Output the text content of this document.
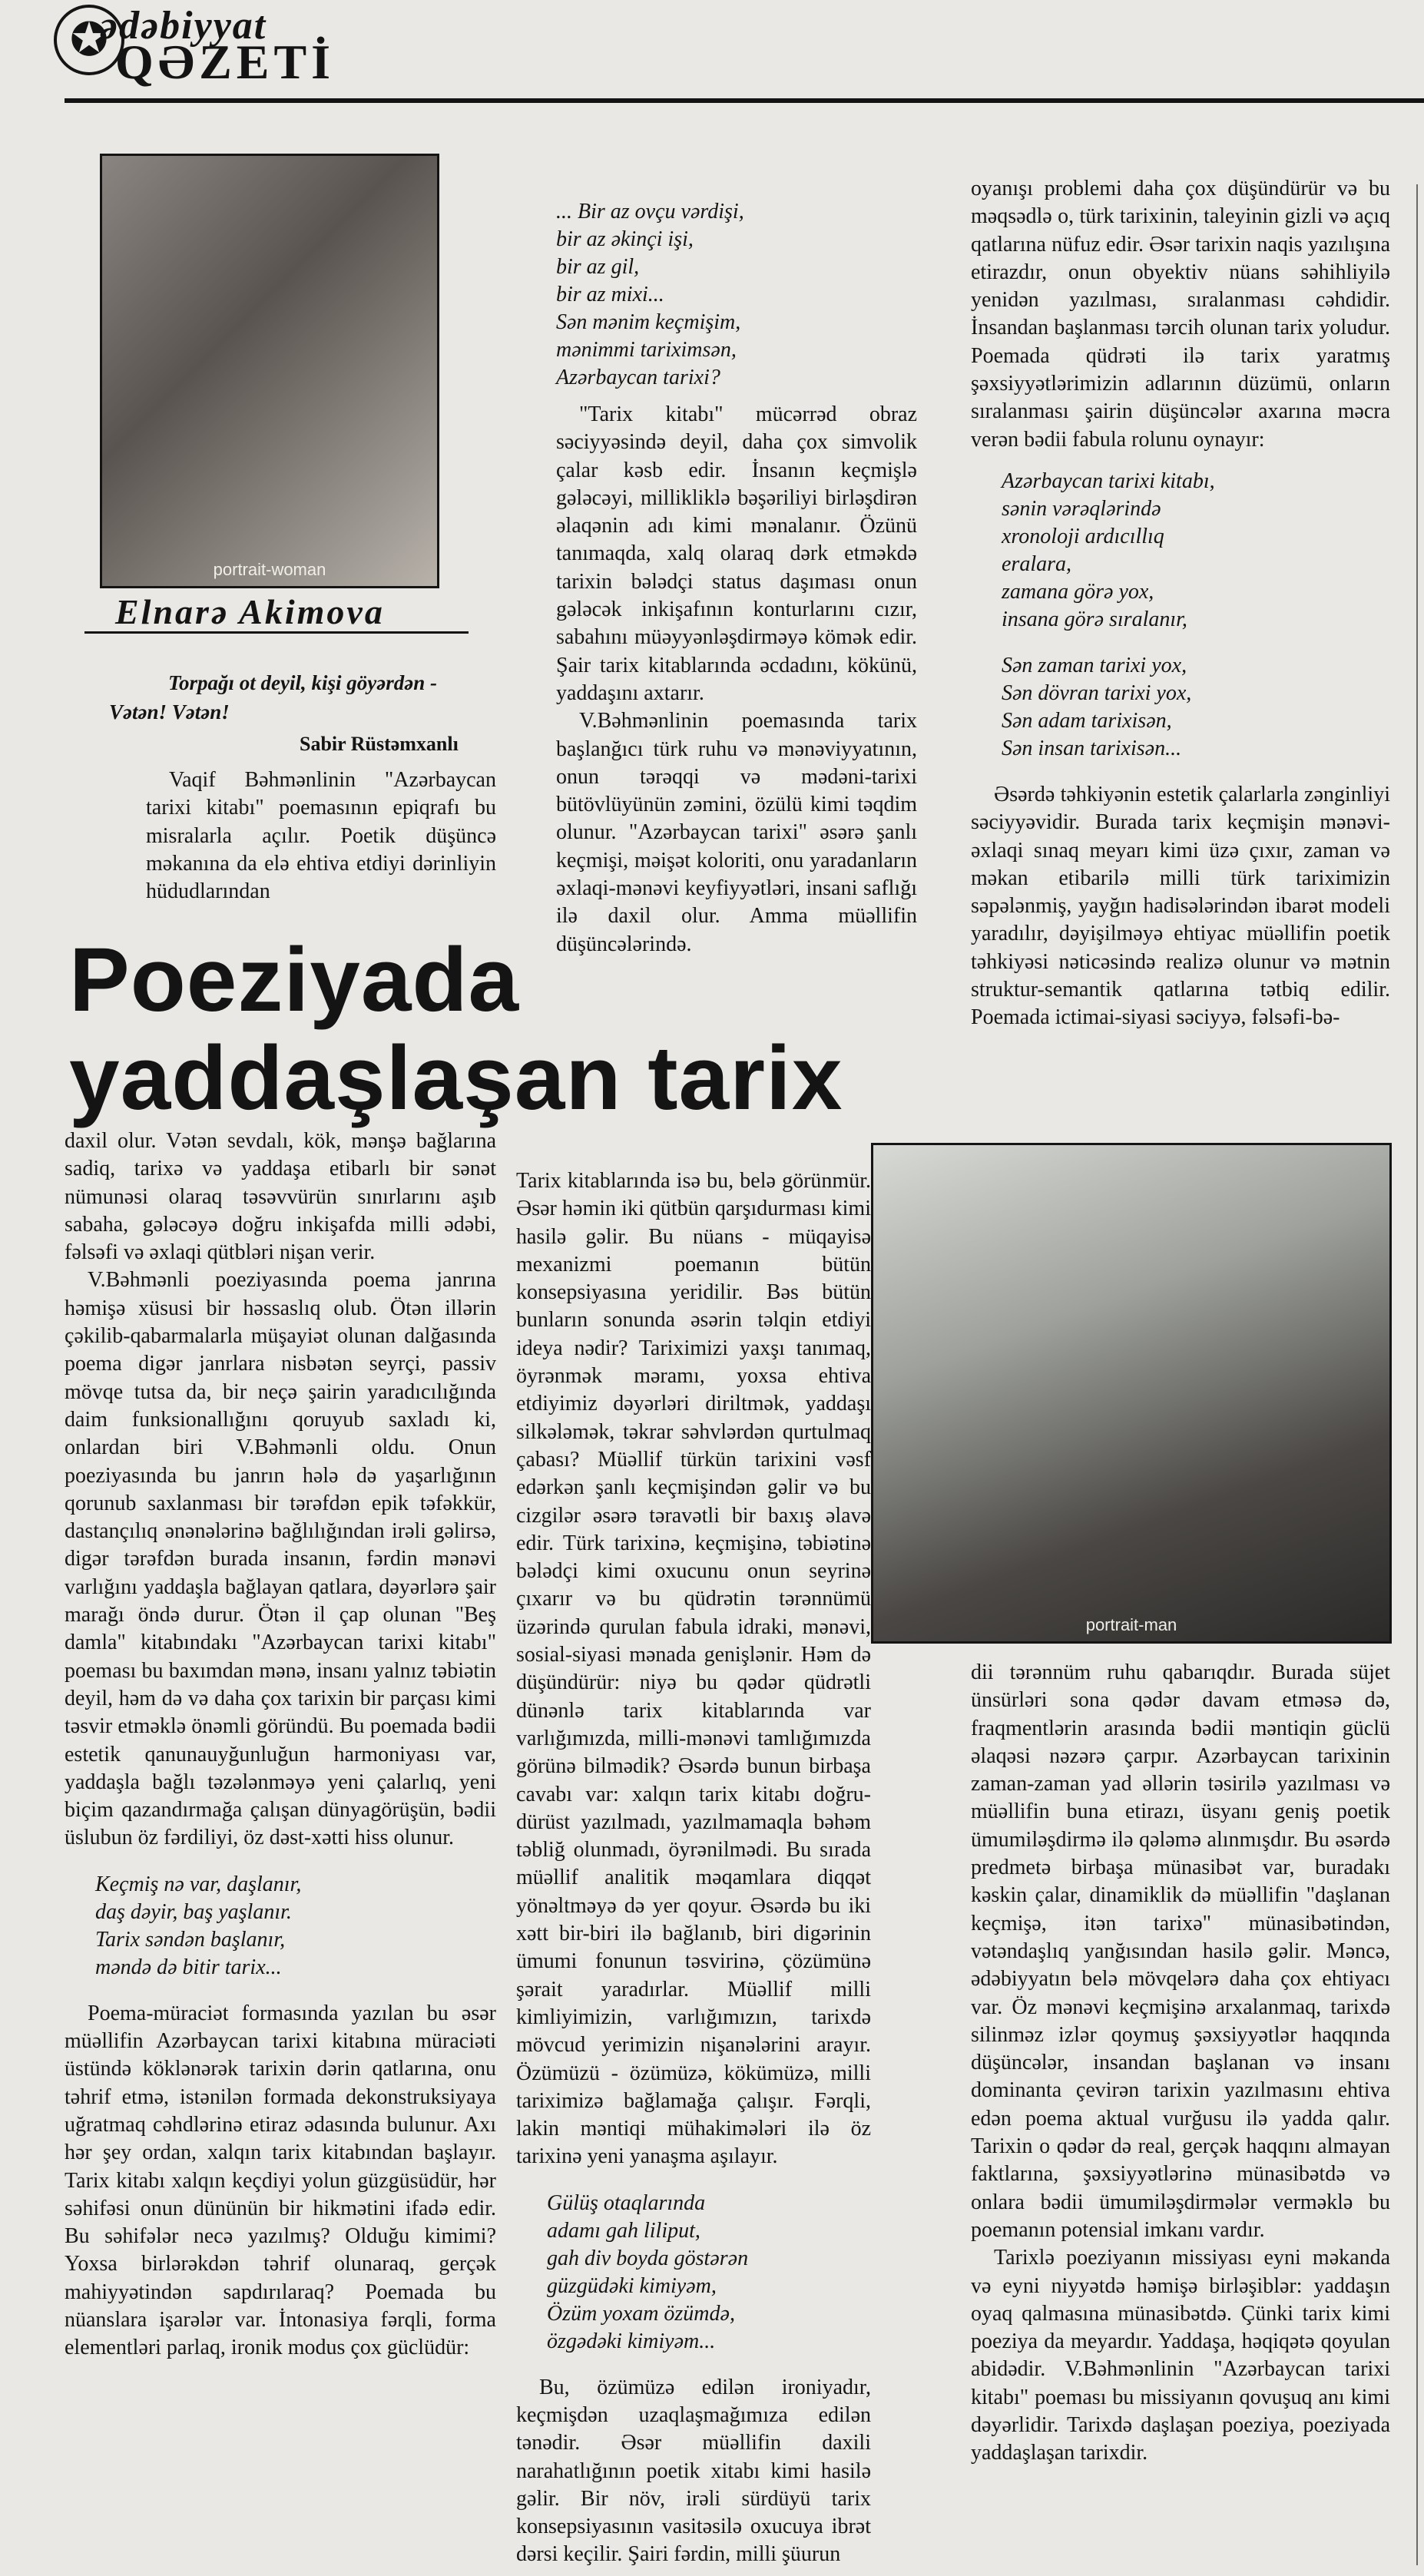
✪
ədəbiyyat
QƏZETİ
portrait-woman
Elnarə Akimova
Torpağı ot deyil, kişi göyərdən -
Vətən! Vətən!
Sabir Rüstəmxanlı

Vaqif Bəhmənlinin "Azərbaycan tarixi kitabı" poemasının epiqrafı bu misralarla açılır. Poetik düşüncə məkanına da elə ehtiva etdiyi dərinliyin hüdudlarından

... Bir az ovçu vərdişi,
bir az əkinçi işi,
bir az gil,
bir az mixi...
Sən mənim keçmişim,
mənimmi tariximsən,
Azərbaycan tarixi?

"Tarix kitabı" mücərrəd obraz səciyyəsində deyil, daha çox simvolik çalar kəsb edir. İnsanın keçmişlə gələcəyi, millikliklə bəşəriliyi birləşdirən əlaqənin adı kimi mənalanır. Özünü tanımaqda, xalq olaraq dərk etməkdə tarixin bələdçi status daşıması onun gələcək inkişafının konturlarını cızır, sabahını müəyyənləşdirməyə kömək edir. Şair tarix kitablarında əcdadını, kökünü, yaddaşını axtarır.

V.Bəhmənlinin poemasında tarix başlanğıcı türk ruhu və mənəviyyatının, onun tərəqqi və mədəni-tarixi bütövlüyünün zəmini, özülü kimi təqdim olunur. "Azərbaycan tarixi" əsərə şanlı keçmişi, məişət koloriti, onu yaradanların əxlaqi-mənəvi keyfiyyətləri, insani saflığı ilə daxil olur. Amma müəllifin düşüncələrində.

oyanışı problemi daha çox düşündürür və bu məqsədlə o, türk tarixinin, taleyinin gizli və açıq qatlarına nüfuz edir. Əsər tarixin naqis yazılışına etirazdır, onun obyektiv nüans səhihliyilə yenidən yazılması, sıralanması cəhdidir. İnsandan başlanması tərcih olunan tarix yoludur. Poemada qüdrəti ilə tarix yaratmış şəxsiyyətlərimizin adlarının düzümü, onların sıralanması şairin düşüncələr axarına məcra verən bədii fabula rolunu oynayır:

Azərbaycan tarixi kitabı,
sənin vərəqlərində
xronoloji ardıcıllıq
eralara,
zamana görə yox,
insana görə sıralanır,
Sən zaman tarixi yox,
Sən dövran tarixi yox,
Sən adam tarixisən,
Sən insan tarixisən...

Əsərdə təhkiyənin estetik çalarlarla zənginliyi səciyyəvidir. Burada tarix keçmişin mənəvi-əxlaqi sınaq meyarı kimi üzə çıxır, zaman və məkan etibarilə milli türk tariximizin səpələnmiş, yayğın hadisələrindən ibarət modeli yaradılır, dəyişilməyə ehtiyac müəllifin poetik təhkiyəsi nəticəsində realizə olunur və mətnin struktur-semantik qatlarına tətbiq edilir. Poemada ictimai-siyasi səciyyə, fəlsəfi-bə-

Poeziyada
yaddaşlaşan tarix

daxil olur. Vətən sevdalı, kök, mənşə bağlarına sadiq, tarixə və yaddaşa etibarlı bir sənət nümunəsi olaraq təsəvvürün sınırlarını aşıb sabaha, gələcəyə doğru inkişafda milli ədəbi, fəlsəfi və əxlaqi qütbləri nişan verir.

V.Bəhmənli poeziyasında poema janrına həmişə xüsusi bir həssaslıq olub. Ötən illərin çəkilib-qabarmalarla müşayiət olunan dalğasında poema digər janrlara nisbətən seyrçi, passiv mövqe tutsa da, bir neçə şairin yaradıcılığında daim funksionallığını qoruyub saxladı ki, onlardan biri V.Bəhmənli oldu. Onun poeziyasında bu janrın hələ də yaşarlığının qorunub saxlanması bir tərəfdən epik təfəkkür, dastançılıq ənənələrinə bağlılığından irəli gəlirsə, digər tərəfdən burada insanın, fərdin mənəvi varlığını yaddaşla bağlayan qatlara, dəyərlərə şair marağı öndə durur. Ötən il çap olunan "Beş damla" kitabındakı "Azərbaycan tarixi kitabı" poeması bu baxımdan mənə, insanı yalnız təbiətin deyil, həm də və daha çox tarixin bir parçası kimi təsvir etməklə önəmli göründü. Bu poemada bədii estetik qanunauyğunluğun harmoniyası var, yaddaşla bağlı təzələnməyə yeni çalarlıq, yeni biçim qazandırmağa çalışan dünyagörüşün, bədii üslubun öz fərdiliyi, öz dəst-xətti hiss olunur.

Keçmiş nə var, daşlanır,
daş dəyir, baş yaşlanır.
Tarix səndən başlanır,
məndə də bitir tarix...

Poema-müraciət formasında yazılan bu əsər müəllifin Azərbaycan tarixi kitabına müraciəti üstündə köklənərək tarixin dərin qatlarına, onu təhrif etmə, istənilən formada dekonstruksiyaya uğratmaq cəhdlərinə etiraz ədasında bulunur. Axı hər şey ordan, xalqın tarix kitabından başlayır. Tarix kitabı xalqın keçdiyi yolun güzgüsüdür, hər səhifəsi onun dününün bir hikmətini ifadə edir. Bu səhifələr necə yazılmış? Olduğu kimimi? Yoxsa birlərəkdən təhrif olunaraq, gerçək mahiyyətindən sapdırılaraq? Poemada bu nüanslara işarələr var. İntonasiya fərqli, forma elementləri parlaq, ironik modus çox güclüdür:

Tarix kitablarında isə bu, belə görünmür. Əsər həmin iki qütbün qarşıdurması kimi hasilə gəlir. Bu nüans - müqayisə mexanizmi poemanın bütün konsepsiyasına yeridilir. Bəs bütün bunların sonunda əsərin təlqin etdiyi ideya nədir? Tariximizi yaxşı tanımaq, öyrənmək məramı, yoxsa ehtiva etdiyimiz dəyərləri diriltmək, yaddaşı silkələmək, təkrar səhvlərdən qurtulmaq çabası? Müəllif türkün tarixini vəsf edərkən şanlı keçmişindən gəlir və bu cizgilər əsərə təravətli bir baxış əlavə edir. Türk tarixinə, keçmişinə, təbiətinə bələdçi kimi oxucunu onun seyrinə çıxarır və bu qüdrətin tərənnümü üzərində qurulan fabula idraki, mənəvi, sosial-siyasi mənada genişlənir. Həm də düşündürür: niyə bu qədər qüdrətli dünənlə tarix kitablarında var varlığımızda, milli-mənəvi tamlığımızda görünə bilmədik? Əsərdə bunun birbaşa cavabı var: xalqın tarix kitabı doğru-dürüst yazılmadı, yazılmamaqla bəhəm təbliğ olunmadı, öyrənilmədi. Bu sırada müəllif analitik məqamlara diqqət yönəltməyə də yer qoyur. Əsərdə bu iki xətt bir-biri ilə bağlanıb, biri digərinin ümumi fonunun təsvirinə, çözümünə şərait yaradırlar. Müəllif milli kimliyimizin, varlığımızın, tarixdə mövcud yerimizin nişanələrini arayır. Özümüzü - özümüzə, kökümüzə, milli tariximizə bağlamağa çalışır. Fərqli, lakin məntiqi mühakimələri ilə öz tarixinə yeni yanaşma aşılayır.

Gülüş otaqlarında
adamı gah liliput,
gah div boyda göstərən
güzgüdəki kimiyəm,
Özüm yoxam özümdə,
özgədəki kimiyəm...

Bu, özümüzə edilən ironiyadır, keçmişdən uzaqlaşmağımıza edilən tənədir. Əsər müəllifin daxili narahatlığının poetik xitabı kimi hasilə gəlir. Bir növ, irəli sürdüyü tarix konsepsiyasının vasitəsilə oxucuya ibrət dərsi keçilir. Şairi fərdin, milli şüurun

portrait-man

dii tərənnüm ruhu qabarıqdır. Burada süjet ünsürləri sona qədər davam etməsə də, fraqmentlərin arasında bədii məntiqin güclü əlaqəsi nəzərə çarpır. Azərbaycan tarixinin zaman-zaman yad əllərin təsirilə yazılması və müəllifin buna etirazı, üsyanı geniş poetik ümumiləşdirmə ilə qələmə alınmışdır. Bu əsərdə predmetə birbaşa münasibət var, buradakı kəskin çalar, dinamiklik də müəllifin "daşlanan keçmişə, itən tarixə" münasibətindən, vətəndaşlıq yanğısından hasilə gəlir. Məncə, ədəbiyyatın belə mövqelərə daha çox ehtiyacı var. Öz mənəvi keçmişinə arxalanmaq, tarixdə silinməz izlər qoymuş şəxsiyyətlər haqqında düşüncələr, insandan başlanan və insanı dominanta çevirən tarixin yazılmasını ehtiva edən poema aktual vurğusu ilə yadda qalır. Tarixin o qədər də real, gerçək haqqını almayan faktlarına, şəxsiyyətlərinə münasibətdə və onlara bədii ümumiləşdirmələr verməklə bu poemanın potensial imkanı vardır.

Tarixlə poeziyanın missiyası eyni məkanda və eyni niyyətdə həmişə birləşiblər: yaddaşın oyaq qalmasına münasibətdə. Çünki tarix kimi poeziya da meyardır. Yaddaşa, həqiqətə qoyulan abidədir. V.Bəhmənlinin "Azərbaycan tarixi kitabı" poeması bu missiyanın qovuşuq anı kimi dəyərlidir. Tarixdə daşlaşan poeziya, poeziyada yaddaşlaşan tarixdir.
